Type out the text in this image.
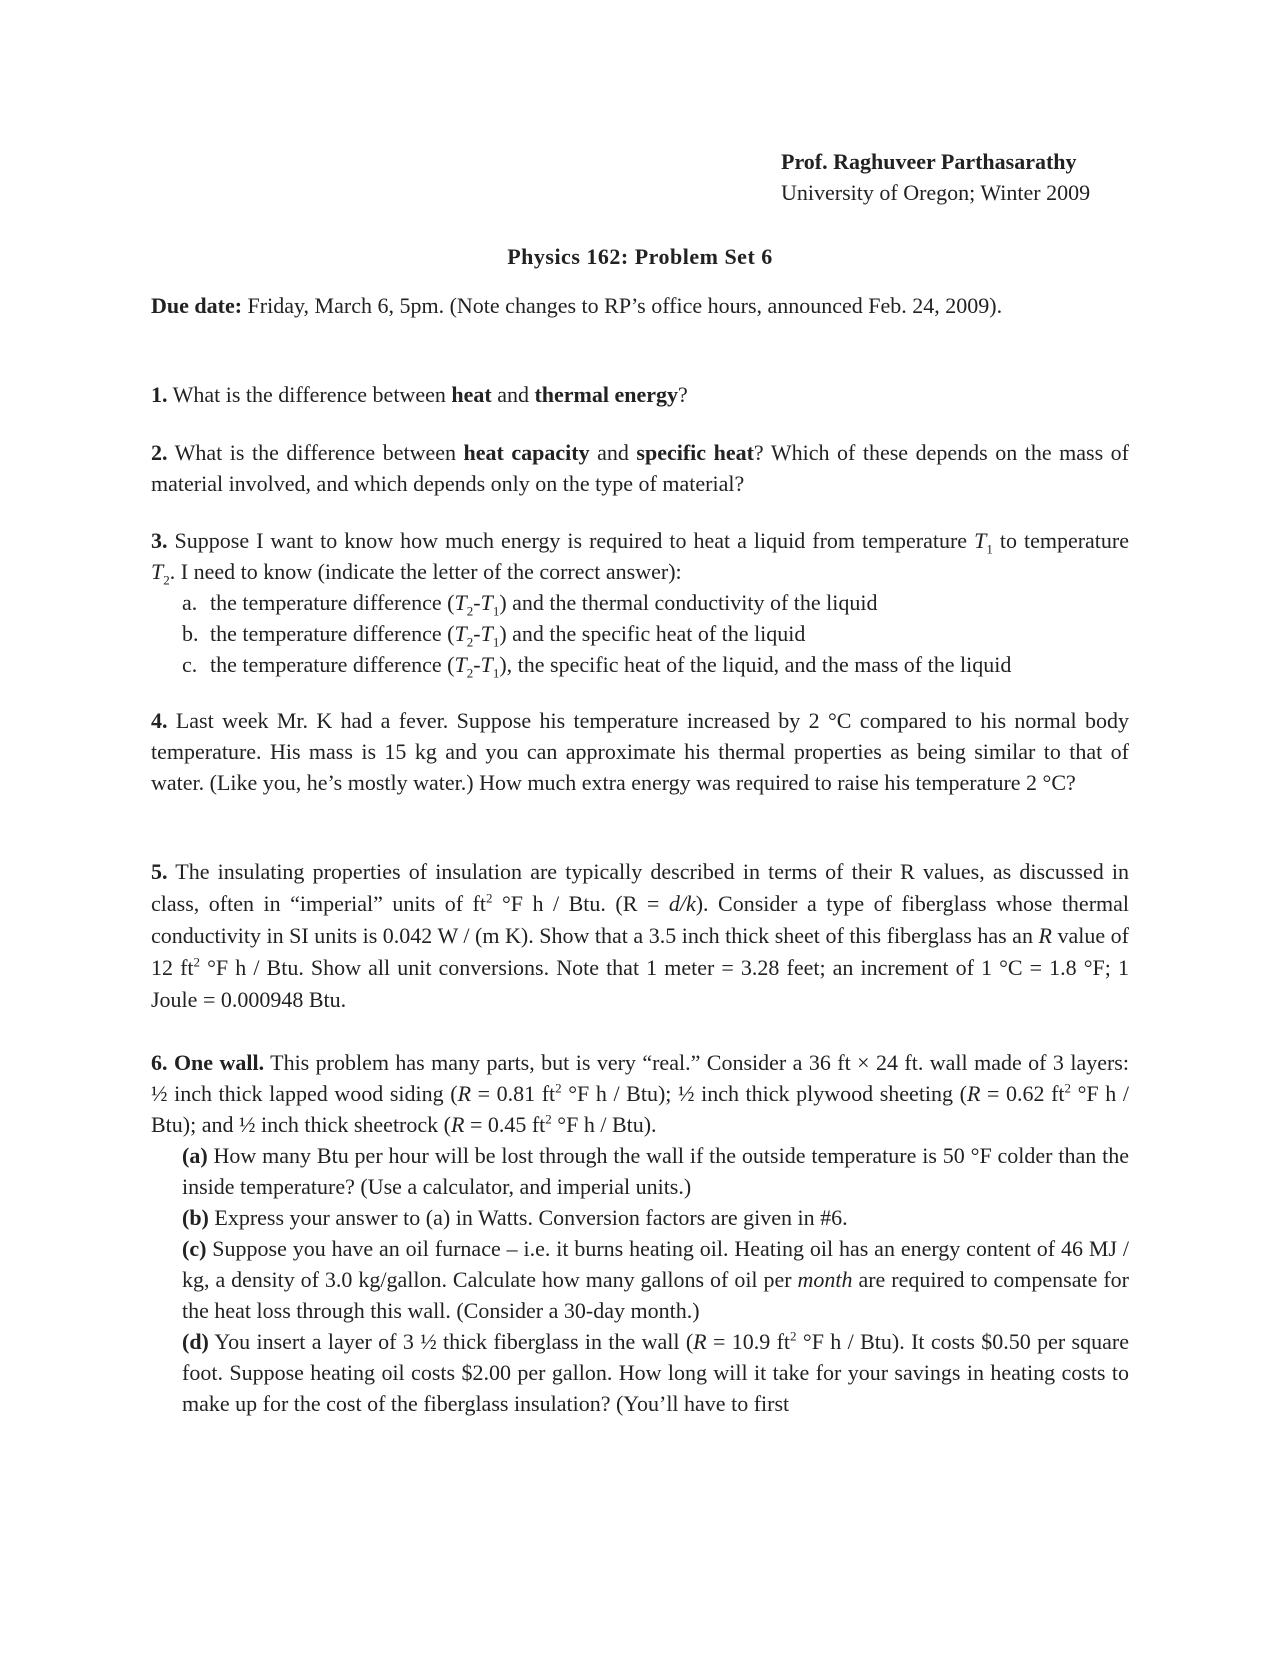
Prof. Raghuveer Parthasarathy
University of Oregon; Winter 2009
Physics 162: Problem Set 6
Due date: Friday, March 6, 5pm. (Note changes to RP’s office hours, announced Feb. 24, 2009).
1. What is the difference between heat and thermal energy?
2. What is the difference between heat capacity and specific heat? Which of these depends on the mass of material involved, and which depends only on the type of material?
3. Suppose I want to know how much energy is required to heat a liquid from temperature $T_1$ to temperature $T_2$. I need to know (indicate the letter of the correct answer):
a. the temperature difference $(T_2-T_1)$ and the thermal conductivity of the liquid
b. the temperature difference $(T_2-T_1)$ and the specific heat of the liquid
c. the temperature difference $(T_2-T_1)$, the specific heat of the liquid, and the mass of the liquid
4. Last week Mr. K had a fever. Suppose his temperature increased by 2 °C compared to his normal body temperature. His mass is 15 kg and you can approximate his thermal properties as being similar to that of water. (Like you, he’s mostly water.) How much extra energy was required to raise his temperature 2 °C?
5. The insulating properties of insulation are typically described in terms of their R values, as discussed in class, often in “imperial” units of $ft^2$ °F h / Btu. (R = d/k). Consider a type of fiberglass whose thermal conductivity in SI units is 0.042 W / (m K). Show that a 3.5 inch thick sheet of this fiberglass has an R value of 12 $ft^2$ °F h / Btu. Show all unit conversions. Note that 1 meter = 3.28 feet; an increment of 1 °C = 1.8 °F; 1 Joule = 0.000948 Btu.
6. One wall. This problem has many parts, but is very “real.” Consider a 36 ft × 24 ft. wall made of 3 layers: ½ inch thick lapped wood siding (R = 0.81 $ft^2$ °F h / Btu); ½ inch thick plywood sheeting (R = 0.62 $ft^2$ °F h / Btu); and ½ inch thick sheetrock (R = 0.45 $ft^2$ °F h / Btu).
(a) How many Btu per hour will be lost through the wall if the outside temperature is 50 °F colder than the inside temperature? (Use a calculator, and imperial units.)
(b) Express your answer to (a) in Watts. Conversion factors are given in #6.
(c) Suppose you have an oil furnace – i.e. it burns heating oil. Heating oil has an energy content of 46 MJ / kg, a density of 3.0 kg/gallon. Calculate how many gallons of oil per month are required to compensate for the heat loss through this wall. (Consider a 30-day month.)
(d) You insert a layer of 3 ½ thick fiberglass in the wall (R = 10.9 $ft^2$ °F h / Btu). It costs $0.50 per square foot. Suppose heating oil costs $2.00 per gallon. How long will it take for your savings in heating costs to make up for the cost of the fiberglass insulation? (You’ll have to first
